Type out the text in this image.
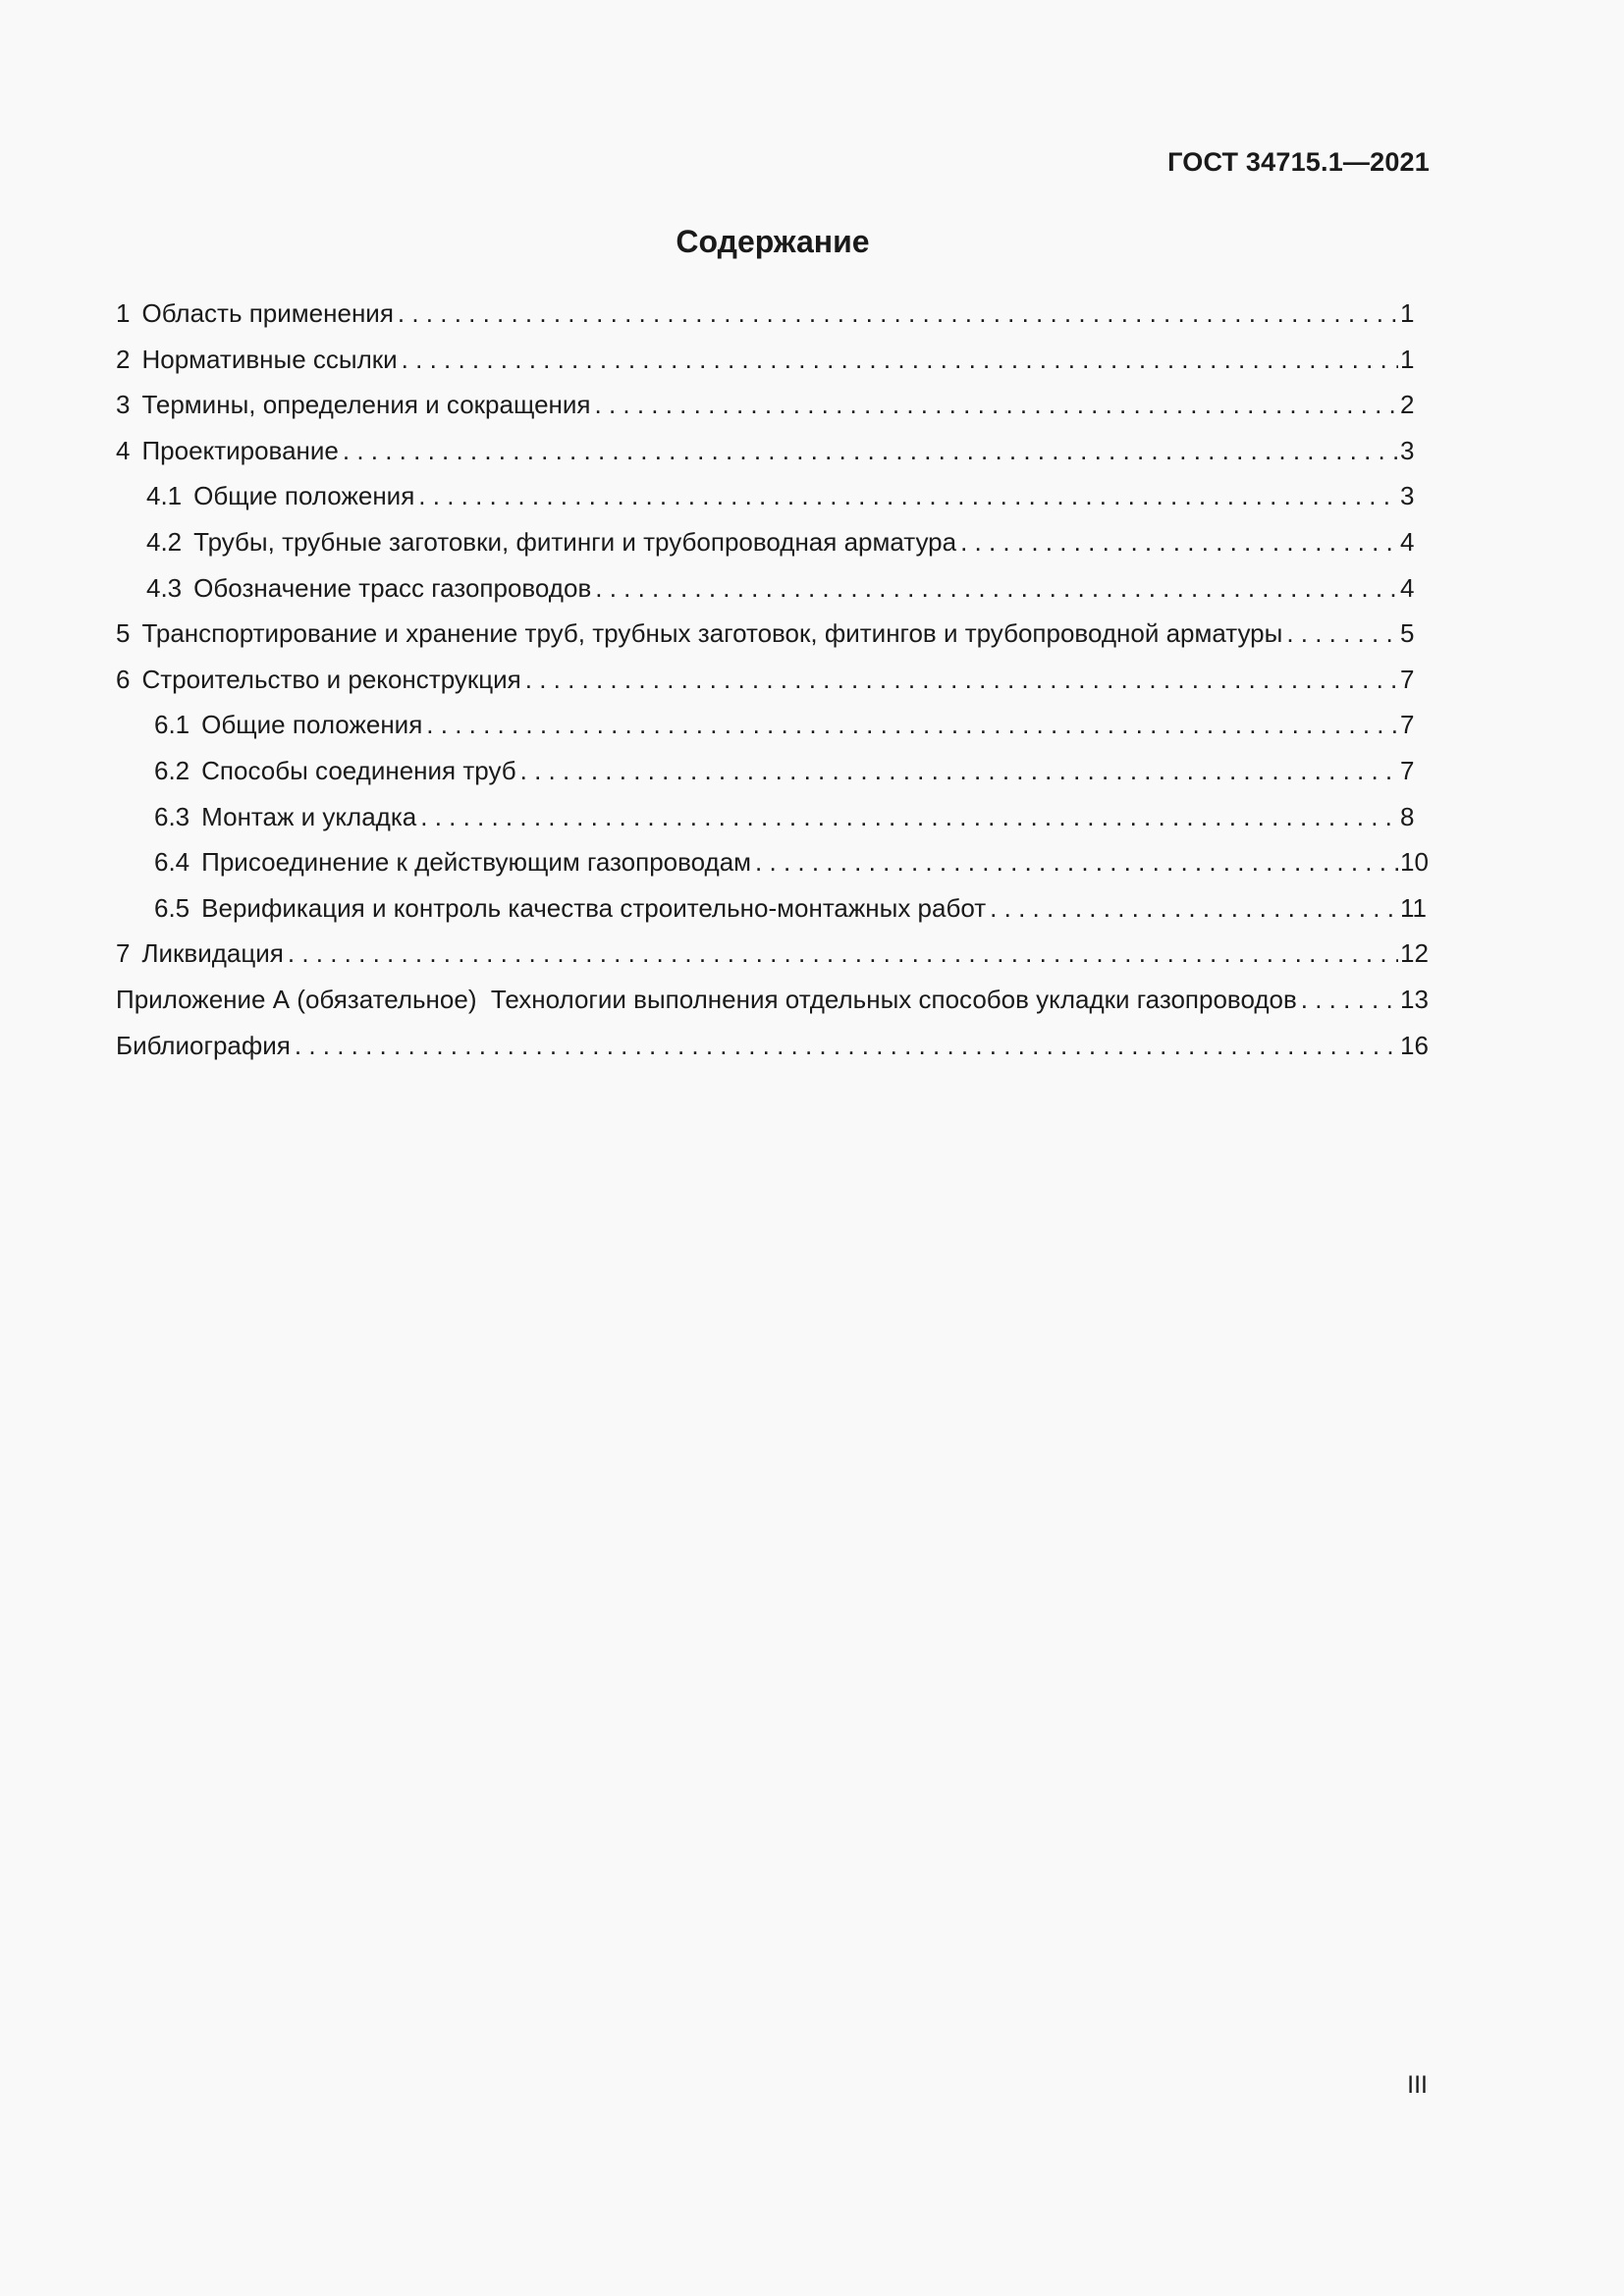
ГОСТ 34715.1—2021
Содержание
1 Область применения . . .	1
2 Нормативные ссылки . . .	1
3 Термины, определения и сокращения . . .	2
4 Проектирование . . .	3
4.1 Общие положения . . .	3
4.2 Трубы, трубные заготовки, фитинги и трубопроводная арматура . . .	4
4.3 Обозначение трасс газопроводов . . .	4
5 Транспортирование и хранение труб, трубных заготовок, фитингов и трубопроводной арматуры . . .	5
6 Строительство и реконструкция . . .	7
6.1 Общие положения . . .	7
6.2 Способы соединения труб . . .	7
6.3 Монтаж и укладка . . .	8
6.4 Присоединение к действующим газопроводам . . .	10
6.5 Верификация и контроль качества строительно-монтажных работ . . .	11
7 Ликвидация . . .	12
Приложение А (обязательное)  Технологии выполнения отдельных способов укладки газопроводов . . .	13
Библиография . . .	16
III
